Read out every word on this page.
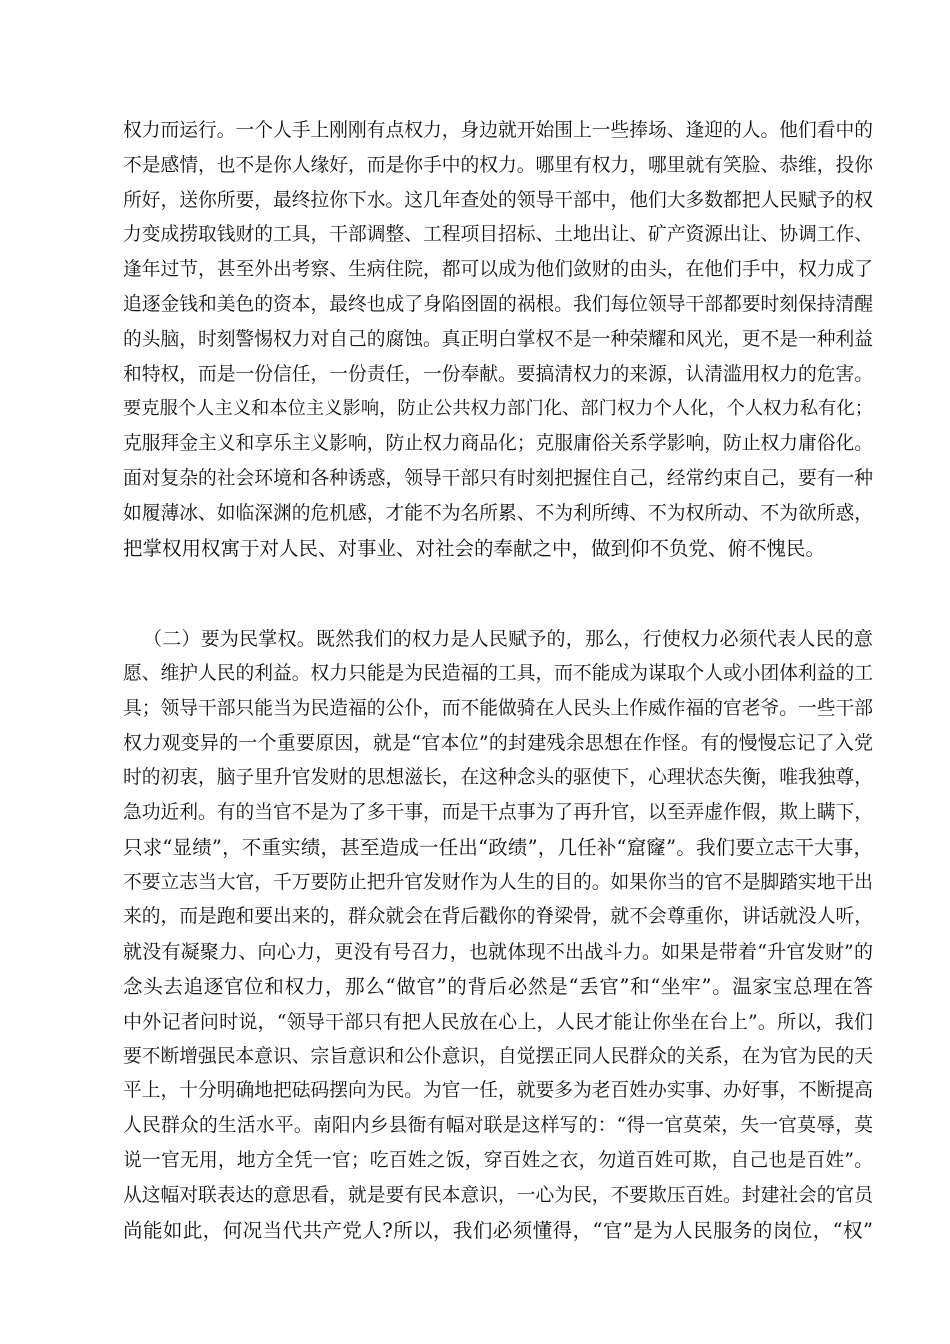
权力而运行。一个人手上刚刚有点权力，身边就开始围上一些捧场、逢迎的人。他们看中的
不是感情，也不是你人缘好，而是你手中的权力。哪里有权力，哪里就有笑脸、恭维，投你
所好，送你所要，最终拉你下水。这几年查处的领导干部中，他们大多数都把人民赋予的权
力变成捞取钱财的工具，干部调整、工程项目招标、土地出让、矿产资源出让、协调工作、
逢年过节，甚至外出考察、生病住院，都可以成为他们敛财的由头，在他们手中，权力成了
追逐金钱和美色的资本，最终也成了身陷囹圄的祸根。我们每位领导干部都要时刻保持清醒
的头脑，时刻警惕权力对自己的腐蚀。真正明白掌权不是一种荣耀和风光，更不是一种利益
和特权，而是一份信任，一份责任，一份奉献。要搞清权力的来源，认清滥用权力的危害。
要克服个人主义和本位主义影响，防止公共权力部门化、部门权力个人化，个人权力私有化；
克服拜金主义和享乐主义影响，防止权力商品化；克服庸俗关系学影响，防止权力庸俗化。
面对复杂的社会环境和各种诱惑，领导干部只有时刻把握住自己，经常约束自己，要有一种
如履薄冰、如临深渊的危机感，才能不为名所累、不为利所缚、不为权所动、不为欲所惑，
把掌权用权寓于对人民、对事业、对社会的奉献之中，做到仰不负党、俯不愧民。
（二）要为民掌权。既然我们的权力是人民赋予的，那么，行使权力必须代表人民的意
愿、维护人民的利益。权力只能是为民造福的工具，而不能成为谋取个人或小团体利益的工
具；领导干部只能当为民造福的公仆，而不能做骑在人民头上作威作福的官老爷。一些干部
权力观变异的一个重要原因，就是“官本位”的封建残余思想在作怪。有的慢慢忘记了入党
时的初衷，脑子里升官发财的思想滋长，在这种念头的驱使下，心理状态失衡，唯我独尊，
急功近利。有的当官不是为了多干事，而是干点事为了再升官，以至弄虚作假，欺上瞒下，
只求“显绩”，不重实绩，甚至造成一任出“政绩”，几任补“窟窿”。我们要立志干大事，
不要立志当大官，千万要防止把升官发财作为人生的目的。如果你当的官不是脚踏实地干出
来的，而是跑和要出来的，群众就会在背后戳你的脊梁骨，就不会尊重你，讲话就没人听，
就没有凝聚力、向心力，更没有号召力，也就体现不出战斗力。如果是带着“升官发财”的
念头去追逐官位和权力，那么“做官”的背后必然是“丢官”和“坐牢”。温家宝总理在答
中外记者问时说，“领导干部只有把人民放在心上，人民才能让你坐在台上”。所以，我们
要不断增强民本意识、宗旨意识和公仆意识，自觉摆正同人民群众的关系，在为官为民的天
平上，十分明确地把砝码摆向为民。为官一任，就要多为老百姓办实事、办好事，不断提高
人民群众的生活水平。南阳内乡县衙有幅对联是这样写的：“得一官莫荣，失一官莫辱，莫
说一官无用，地方全凭一官；吃百姓之饭，穿百姓之衣，勿道百姓可欺，自己也是百姓”。
从这幅对联表达的意思看，就是要有民本意识，一心为民，不要欺压百姓。封建社会的官员
尚能如此，何况当代共产党人?所以，我们必须懂得，“官”是为人民服务的岗位，“权”
